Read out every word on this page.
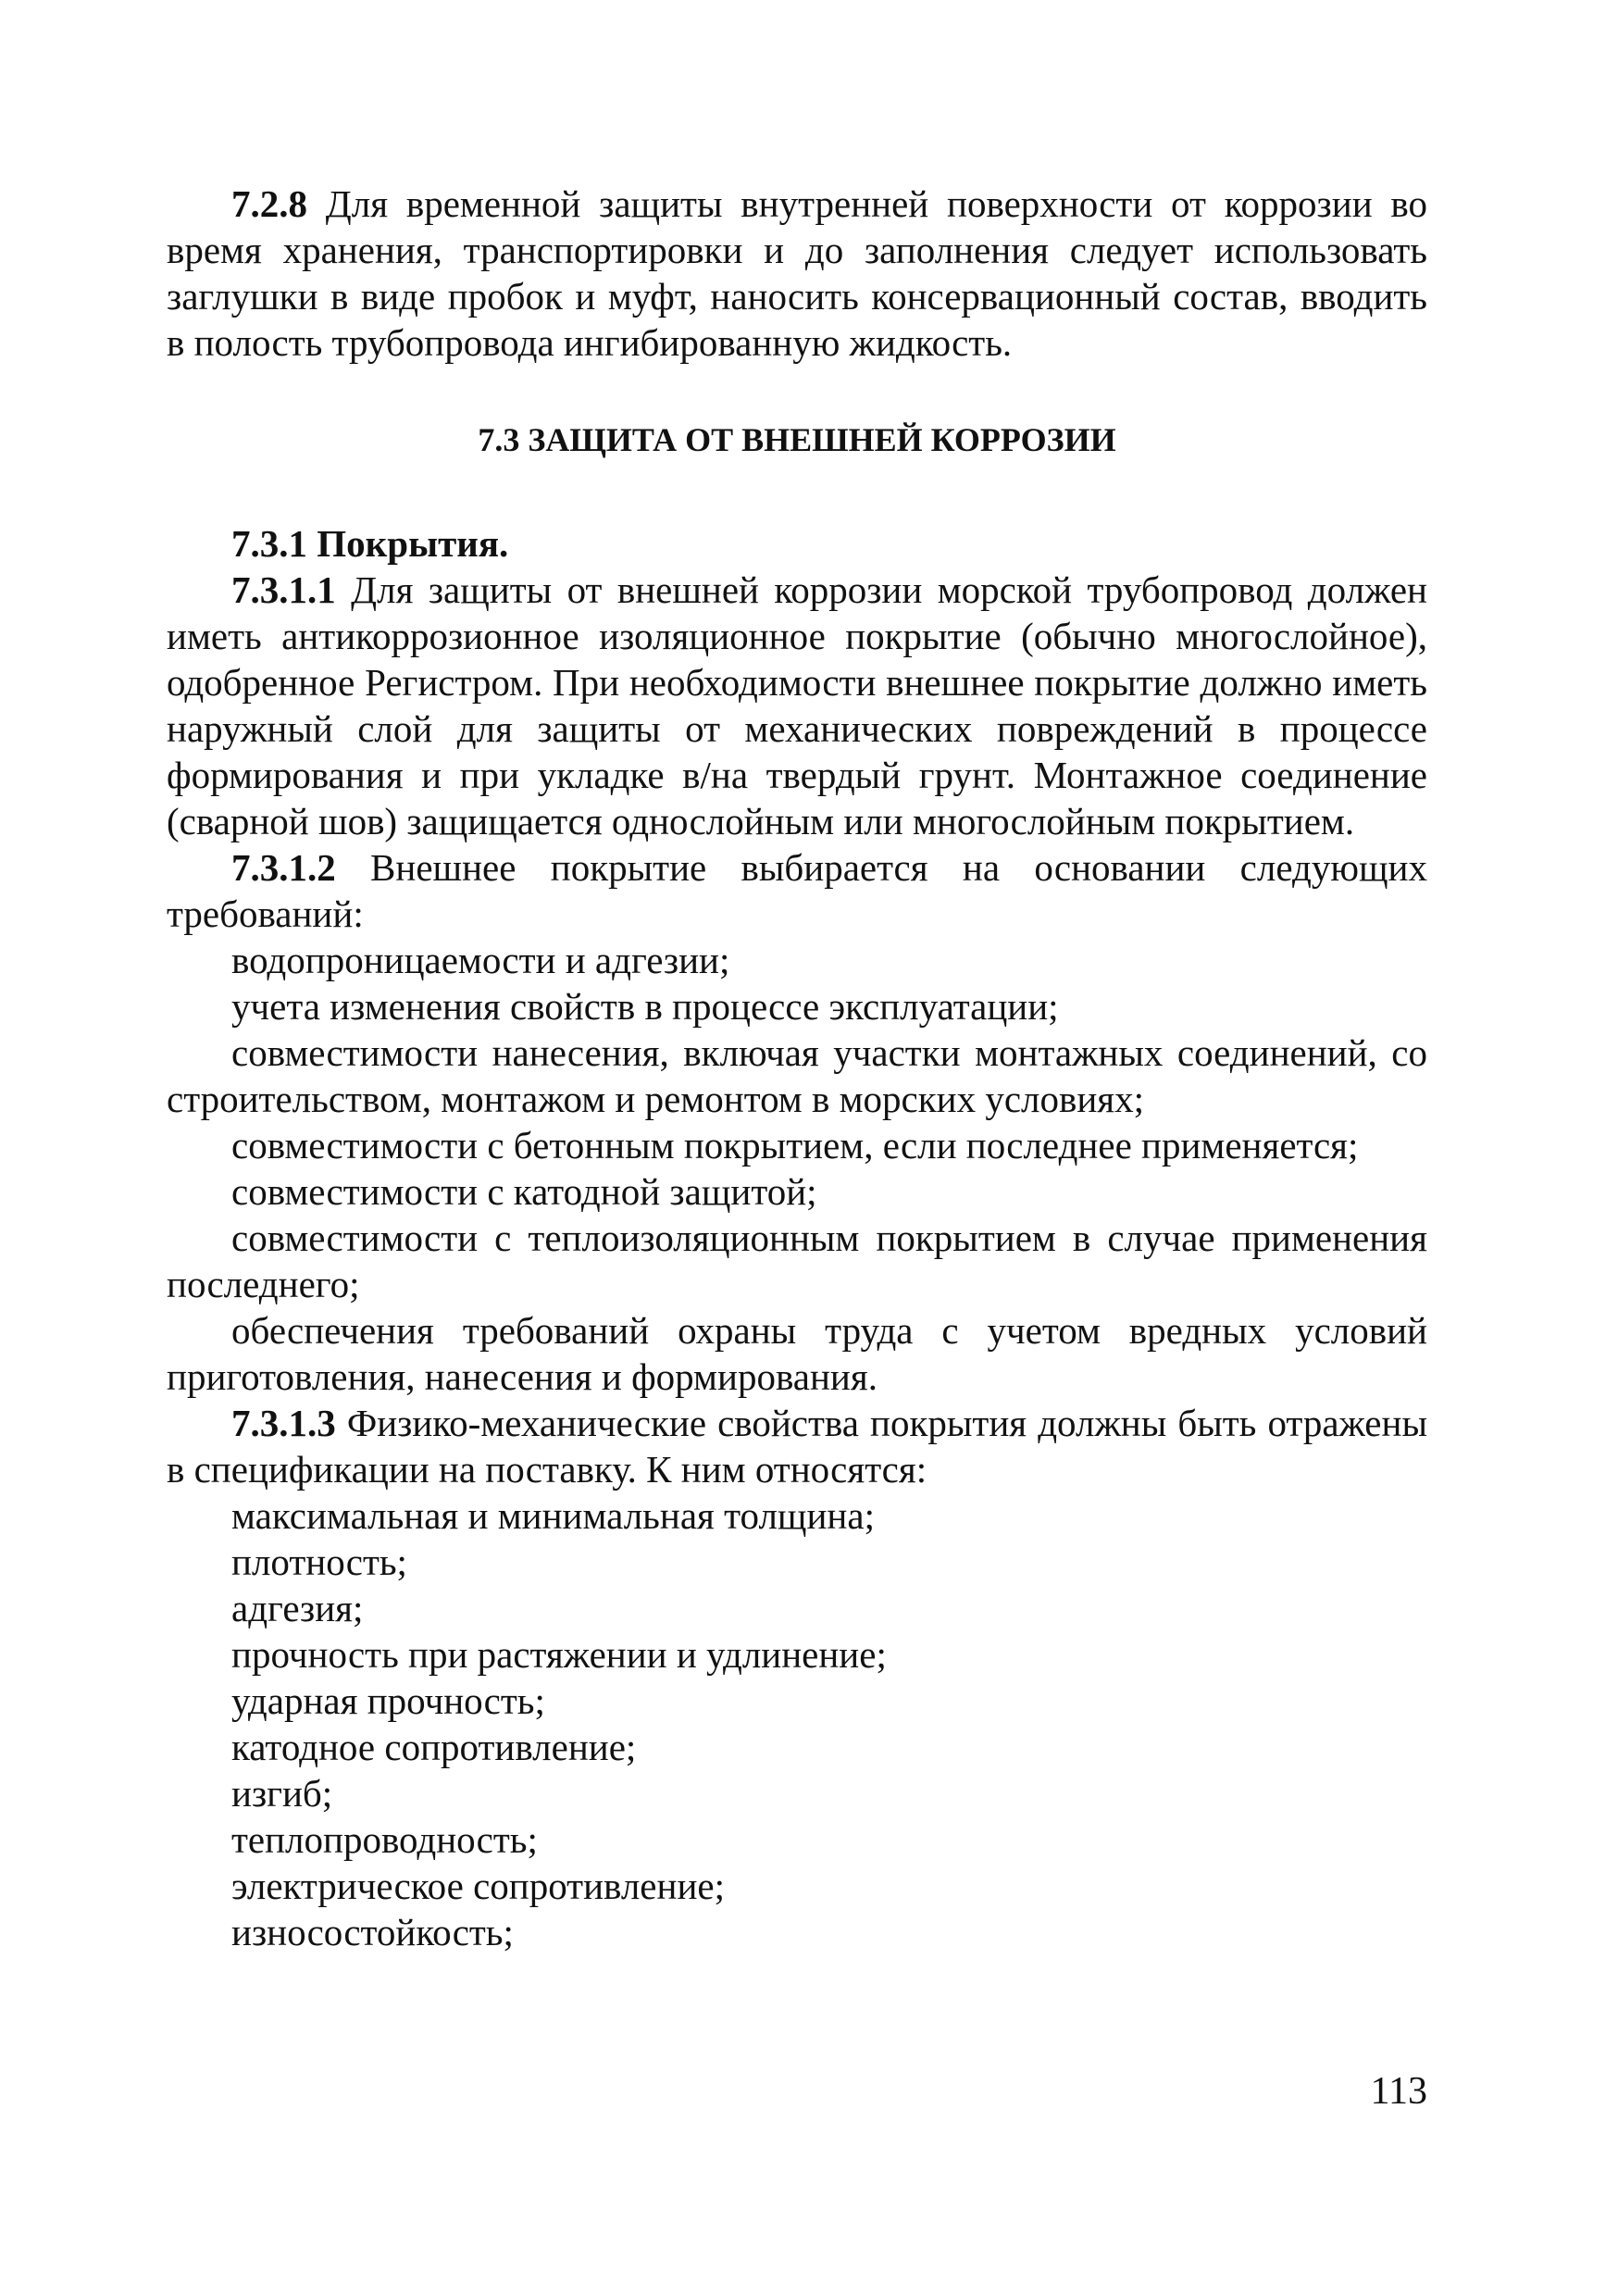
7.2.8 Для временной защиты внутренней поверхности от коррозии во время хранения, транспортировки и до заполнения следует использовать заглушки в виде пробок и муфт, наносить консервационный состав, вводить в полость трубопровода ингибированную жидкость.

7.3 ЗАЩИТА ОТ ВНЕШНЕЙ КОРРОЗИИ

7.3.1 Покрытия.

7.3.1.1 Для защиты от внешней коррозии морской трубопровод должен иметь антикоррозионное изоляционное покрытие (обычно многослойное), одобренное Регистром. При необходимости внешнее покрытие должно иметь наружный слой для защиты от механических повреждений в процессе формирования и при укладке в/на твердый грунт. Монтажное соединение (сварной шов) защищается однослойным или многослойным покрытием.

7.3.1.2 Внешнее покрытие выбирается на основании следующих требований:

водопроницаемости и адгезии;

учета изменения свойств в процессе эксплуатации;

совместимости нанесения, включая участки монтажных соединений, со строительством, монтажом и ремонтом в морских условиях;

совместимости с бетонным покрытием, если последнее применяется;

совместимости с катодной защитой;

совместимости с теплоизоляционным покрытием в случае применения последнего;

обеспечения требований охраны труда с учетом вредных условий приготовления, нанесения и формирования.

7.3.1.3 Физико-механические свойства покрытия должны быть отражены в спецификации на поставку. К ним относятся:

максимальная и минимальная толщина;

плотность;

адгезия;

прочность при растяжении и удлинение;

ударная прочность;

катодное сопротивление;

изгиб;

теплопроводность;

электрическое сопротивление;

износостойкость;

113
